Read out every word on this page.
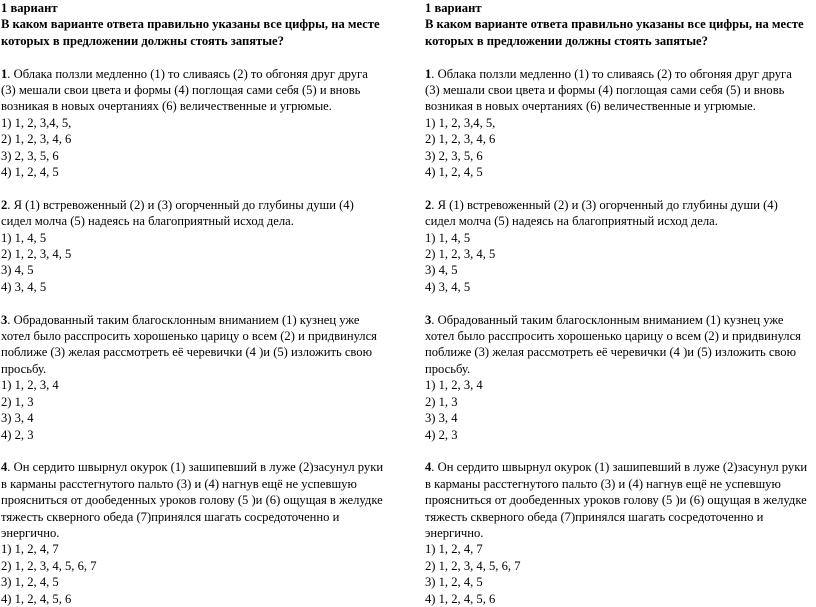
1 вариант
В каком варианте ответа правильно указаны все цифры, на месте
которых в предложении должны стоять запятые?
1. Облака ползли медленно (1) то сливаясь (2) то обгоняя друг друга
(3) мешали свои цвета и формы (4) поглощая сами себя (5) и вновь
возникая в новых очертаниях (6) величественные и угрюмые.
1) 1, 2, 3,4, 5,
2) 1, 2, 3, 4, 6
3) 2, 3, 5, 6
4) 1, 2, 4, 5
2. Я (1) встревоженный (2) и (3) огорченный до глубины души (4)
сидел молча (5) надеясь на благоприятный исход дела.
1) 1, 4, 5
2) 1, 2, 3, 4, 5
3) 4, 5
4) 3, 4, 5
3. Обрадованный таким благосклонным вниманием (1) кузнец уже
хотел было расспросить хорошенько царицу о всем (2) и придвинулся
поближе (3) желая рассмотреть её черевички (4 )и (5) изложить свою
просьбу.
1) 1, 2, 3, 4
2) 1, 3
3) 3, 4
4) 2, 3
4. Он сердито швырнул окурок (1) зашипевший в луже (2)засунул руки
в карманы расстегнутого пальто (3) и (4) нагнув ещё не успевшую
проясниться от дообеденных уроков голову (5 )и (6) ощущая в желудке
тяжесть скверного обеда (7)принялся шагать сосредоточенно и
энергично.
1) 1, 2, 4, 7
2) 1, 2, 3, 4, 5, 6, 7
3) 1, 2, 4, 5
4) 1, 2, 4, 5, 6
1 вариант
В каком варианте ответа правильно указаны все цифры, на месте
которых в предложении должны стоять запятые?
1. Облака ползли медленно (1) то сливаясь (2) то обгоняя друг друга
(3) мешали свои цвета и формы (4) поглощая сами себя (5) и вновь
возникая в новых очертаниях (6) величественные и угрюмые.
1) 1, 2, 3,4, 5,
2) 1, 2, 3, 4, 6
3) 2, 3, 5, 6
4) 1, 2, 4, 5
2. Я (1) встревоженный (2) и (3) огорченный до глубины души (4)
сидел молча (5) надеясь на благоприятный исход дела.
1) 1, 4, 5
2) 1, 2, 3, 4, 5
3) 4, 5
4) 3, 4, 5
3. Обрадованный таким благосклонным вниманием (1) кузнец уже
хотел было расспросить хорошенько царицу о всем (2) и придвинулся
поближе (3) желая рассмотреть её черевички (4 )и (5) изложить свою
просьбу.
1) 1, 2, 3, 4
2) 1, 3
3) 3, 4
4) 2, 3
4. Он сердито швырнул окурок (1) зашипевший в луже (2)засунул руки
в карманы расстегнутого пальто (3) и (4) нагнув ещё не успевшую
проясниться от дообеденных уроков голову (5 )и (6) ощущая в желудке
тяжесть скверного обеда (7)принялся шагать сосредоточенно и
энергично.
1) 1, 2, 4, 7
2) 1, 2, 3, 4, 5, 6, 7
3) 1, 2, 4, 5
4) 1, 2, 4, 5, 6
